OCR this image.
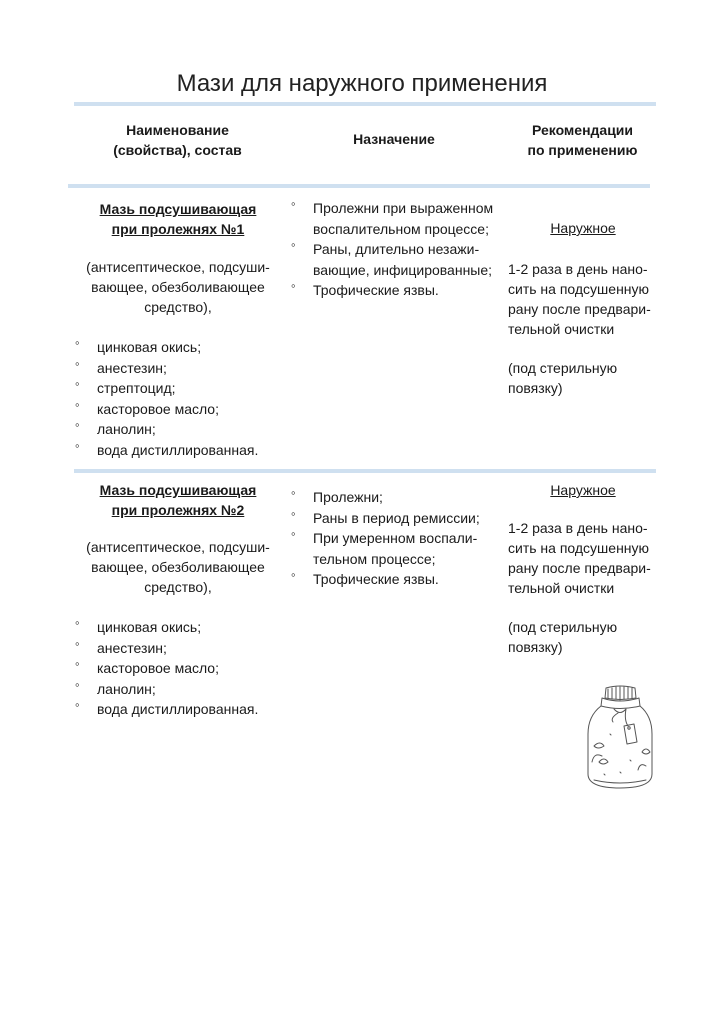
Мази для наружного применения
Наименование
(свойства), состав
Назначение
Рекомендации
по применению
Мазь подсушивающая
при пролежнях №1
(антисептическое, подсуши-
вающее, обезболивающее
средство),
◦ цинковая окись;
◦ анестезин;
◦ стрептоцид;
◦ касторовое масло;
◦ ланолин;
◦ вода дистиллированная.
◦ Пролежни при выраженном
воспалительном процессе;
◦ Раны, длительно незажи-
вающие, инфицированные;
◦ Трофические язвы.
Наружное

1-2 раза в день нано-
сить на подсушенную
рану после предвари-
тельной очистки

(под стерильную
повязку)

Мазь подсушивающая
при пролежнях №2
(антисептическое, подсуши-
вающее, обезболивающее
средство),
◦ цинковая окись;
◦ анестезин;
◦ касторовое масло;
◦ ланолин;
◦ вода дистиллированная.
◦ Пролежни;
◦ Раны в период ремиссии;
◦ При умеренном воспали-
тельном процессе;
◦ Трофические язвы.
Наружное

1-2 раза в день нано-
сить на подсушенную
рану после предвари-
тельной очистки

(под стерильную
повязку)
